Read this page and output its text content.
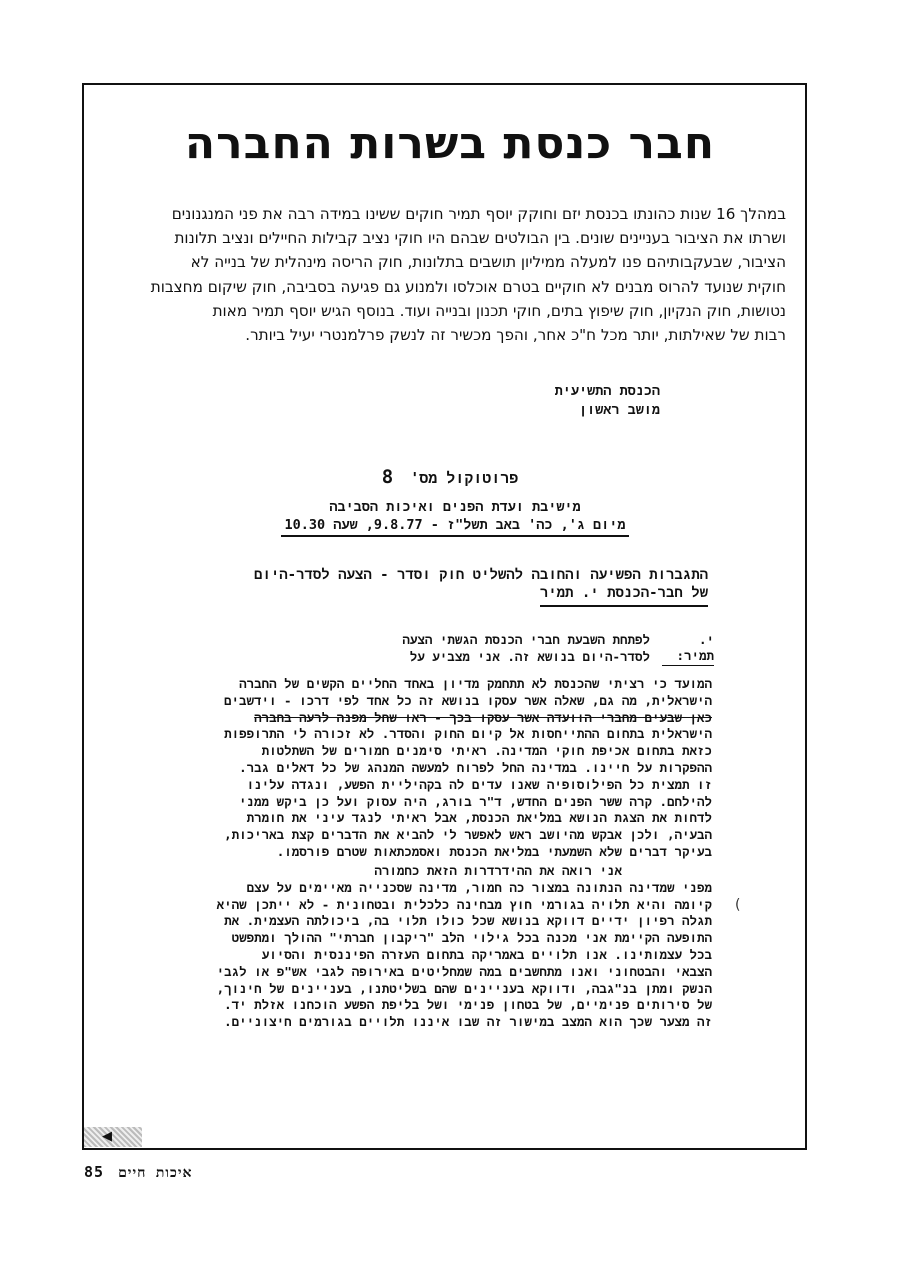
חבר כנסת בשרות החברה
במהלך 16 שנות כהונתו בכנסת יזם וחוקק יוסף תמיר חוקים ששינו במידה רבה את פני המנגנונים
ושרתו את הציבור בעניינים שונים. בין הבולטים שבהם היו חוקי נציב קבילות החיילים ונציב תלונות
הציבור, שבעקבותיהם פנו למעלה ממיליון תושבים בתלונות, חוק הריסה מינהלית של בנייה לא
חוקית שנועד להרוס מבנים לא חוקיים בטרם אוכלסו ולמנוע גם פגיעה בסביבה, חוק שיקום מחצבות
נטושות, חוק הנקיון, חוק שיפוץ בתים, חוקי תכנון ובנייה ועוד. בנוסף הגיש יוסף תמיר מאות
רבות של שאילתות, יותר מכל ח"כ אחר, והפך מכשיר זה לנשק פרלמנטרי יעיל ביותר.
הכנסת התשיעית
מושב ראשון
פרוטוקול מס' 8
מישיבת ועדת הפנים ואיכות הסביבה
מיום ג', כה' באב תשל"ז - 9.8.77, שעה 10.30
התגברות הפשיעה והחובה להשליט חוק וסדר - הצעה לסדר-היום
של חבר-הכנסת י. תמיר
י. תמיר:
לפתחת השבעת חברי הכנסת הגשתי הצעה
לסדר-היום בנושא זה. אני מצביע על
המועד כי רציתי שהכנסת לא תתחמק מדיון באחד החליים הקשים של החברה
הישראלית, מה גם, שאלה אשר עסקו בנושא זה כל אחד לפי דרכו - וידשבים
כאן שבעים מחברי הוועדה אשר עסקו בכך - ראו שחל מפנה לרעה בחברה
הישראלית בתחום ההתייחסות אל קיום החוק והסדר. לא זכורה לי התרופפות
כזאת בתחום אכיפת חוקי המדינה. ראיתי סימנים חמורים של השתלטות
ההפקרות על חיינו. במדינה החל לפרוח למעשה המנהג של כל דאלים גבר.
זו תמצית כל הפילוסופיה שאנו עדים לה בקהיליית הפשע, ונגדה עלינו
להילחם. קרה ששר הפנים החדש, ד"ר בורג, היה עסוק ועל כן ביקש ממני
לדחות את הצגת הנושא במליאת הכנסת, אבל ראיתי לנגד עיני את חומרת
הבעיה, ולכן אבקש מהיושב ראש לאפשר לי להביא את הדברים קצת באריכות,
בעיקר דברים שלא השמעתי במליאת הכנסת ואסמכתאות שטרם פורסמו.
אני רואה את ההידרדרות הזאת כחמורה
מפני שמדינה הנתונה במצור כה חמור, מדינה שסכנייה מאיימים על עצם
קיומה והיא תלויה בגורמי חוץ מבחינה כלכלית ובטחונית - לא ייתכן שהיא
תגלה רפיון ידיים דווקא בנושא שכל כולו תלוי בה, ביכולתה העצמית. את
התופעה הקיימת אני מכנה בכל גילוי הלב "ריקבון חברתי" ההולך ומתפשט
בכל עצמותינו. אנו תלויים באמריקה בתחום העזרה הפיננסית והסיוע
הצבאי והבטחוני ואנו מתחשבים במה שמחליטים באירופה לגבי אש"פ או לגבי
הנשק ומתן בנ"גבה, ודווקא בעניינים שהם בשליטתנו, בעניינים של חינוך,
של סירותים פנימיים, של בטחון פנימי ושל בליפת הפשע הוכחנו אזלת יד.
זה מצער שכך הוא המצב במישור זה שבו איננו תלויים בגורמים חיצוניים.
(
◀︎
85 איכות חיים
